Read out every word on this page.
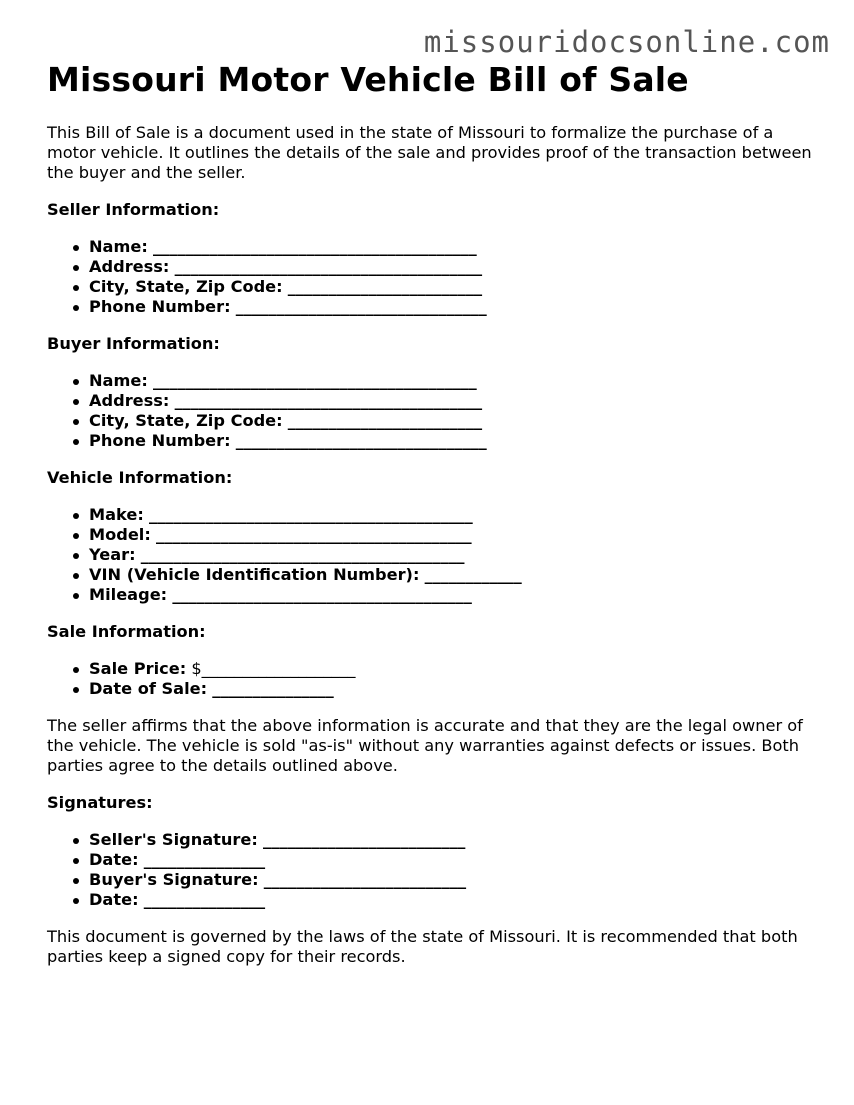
missouridocsonline.com
Missouri Motor Vehicle Bill of Sale

This Bill of Sale is a document used in the state of Missouri to formalize the purchase of a motor vehicle. It outlines the details of the sale and provides proof of the transaction between the buyer and the seller.

Seller Information:
Name: ________________________________________
Address: ______________________________________
City, State, Zip Code: ________________________
Phone Number: _______________________________
Buyer Information:
Name: ________________________________________
Address: ______________________________________
City, State, Zip Code: ________________________
Phone Number: _______________________________
Vehicle Information:
Make: ________________________________________
Model: _______________________________________
Year: ________________________________________
VIN (Vehicle Identification Number): ____________
Mileage: _____________________________________
Sale Information:
Sale Price: $___________________
Date of Sale: _______________

The seller affirms that the above information is accurate and that they are the legal owner of the vehicle. The vehicle is sold "as-is" without any warranties against defects or issues. Both parties agree to the details outlined above.

Signatures:
Seller's Signature: _________________________
Date: _______________
Buyer's Signature: _________________________
Date: _______________

This document is governed by the laws of the state of Missouri. It is recommended that both parties keep a signed copy for their records.
